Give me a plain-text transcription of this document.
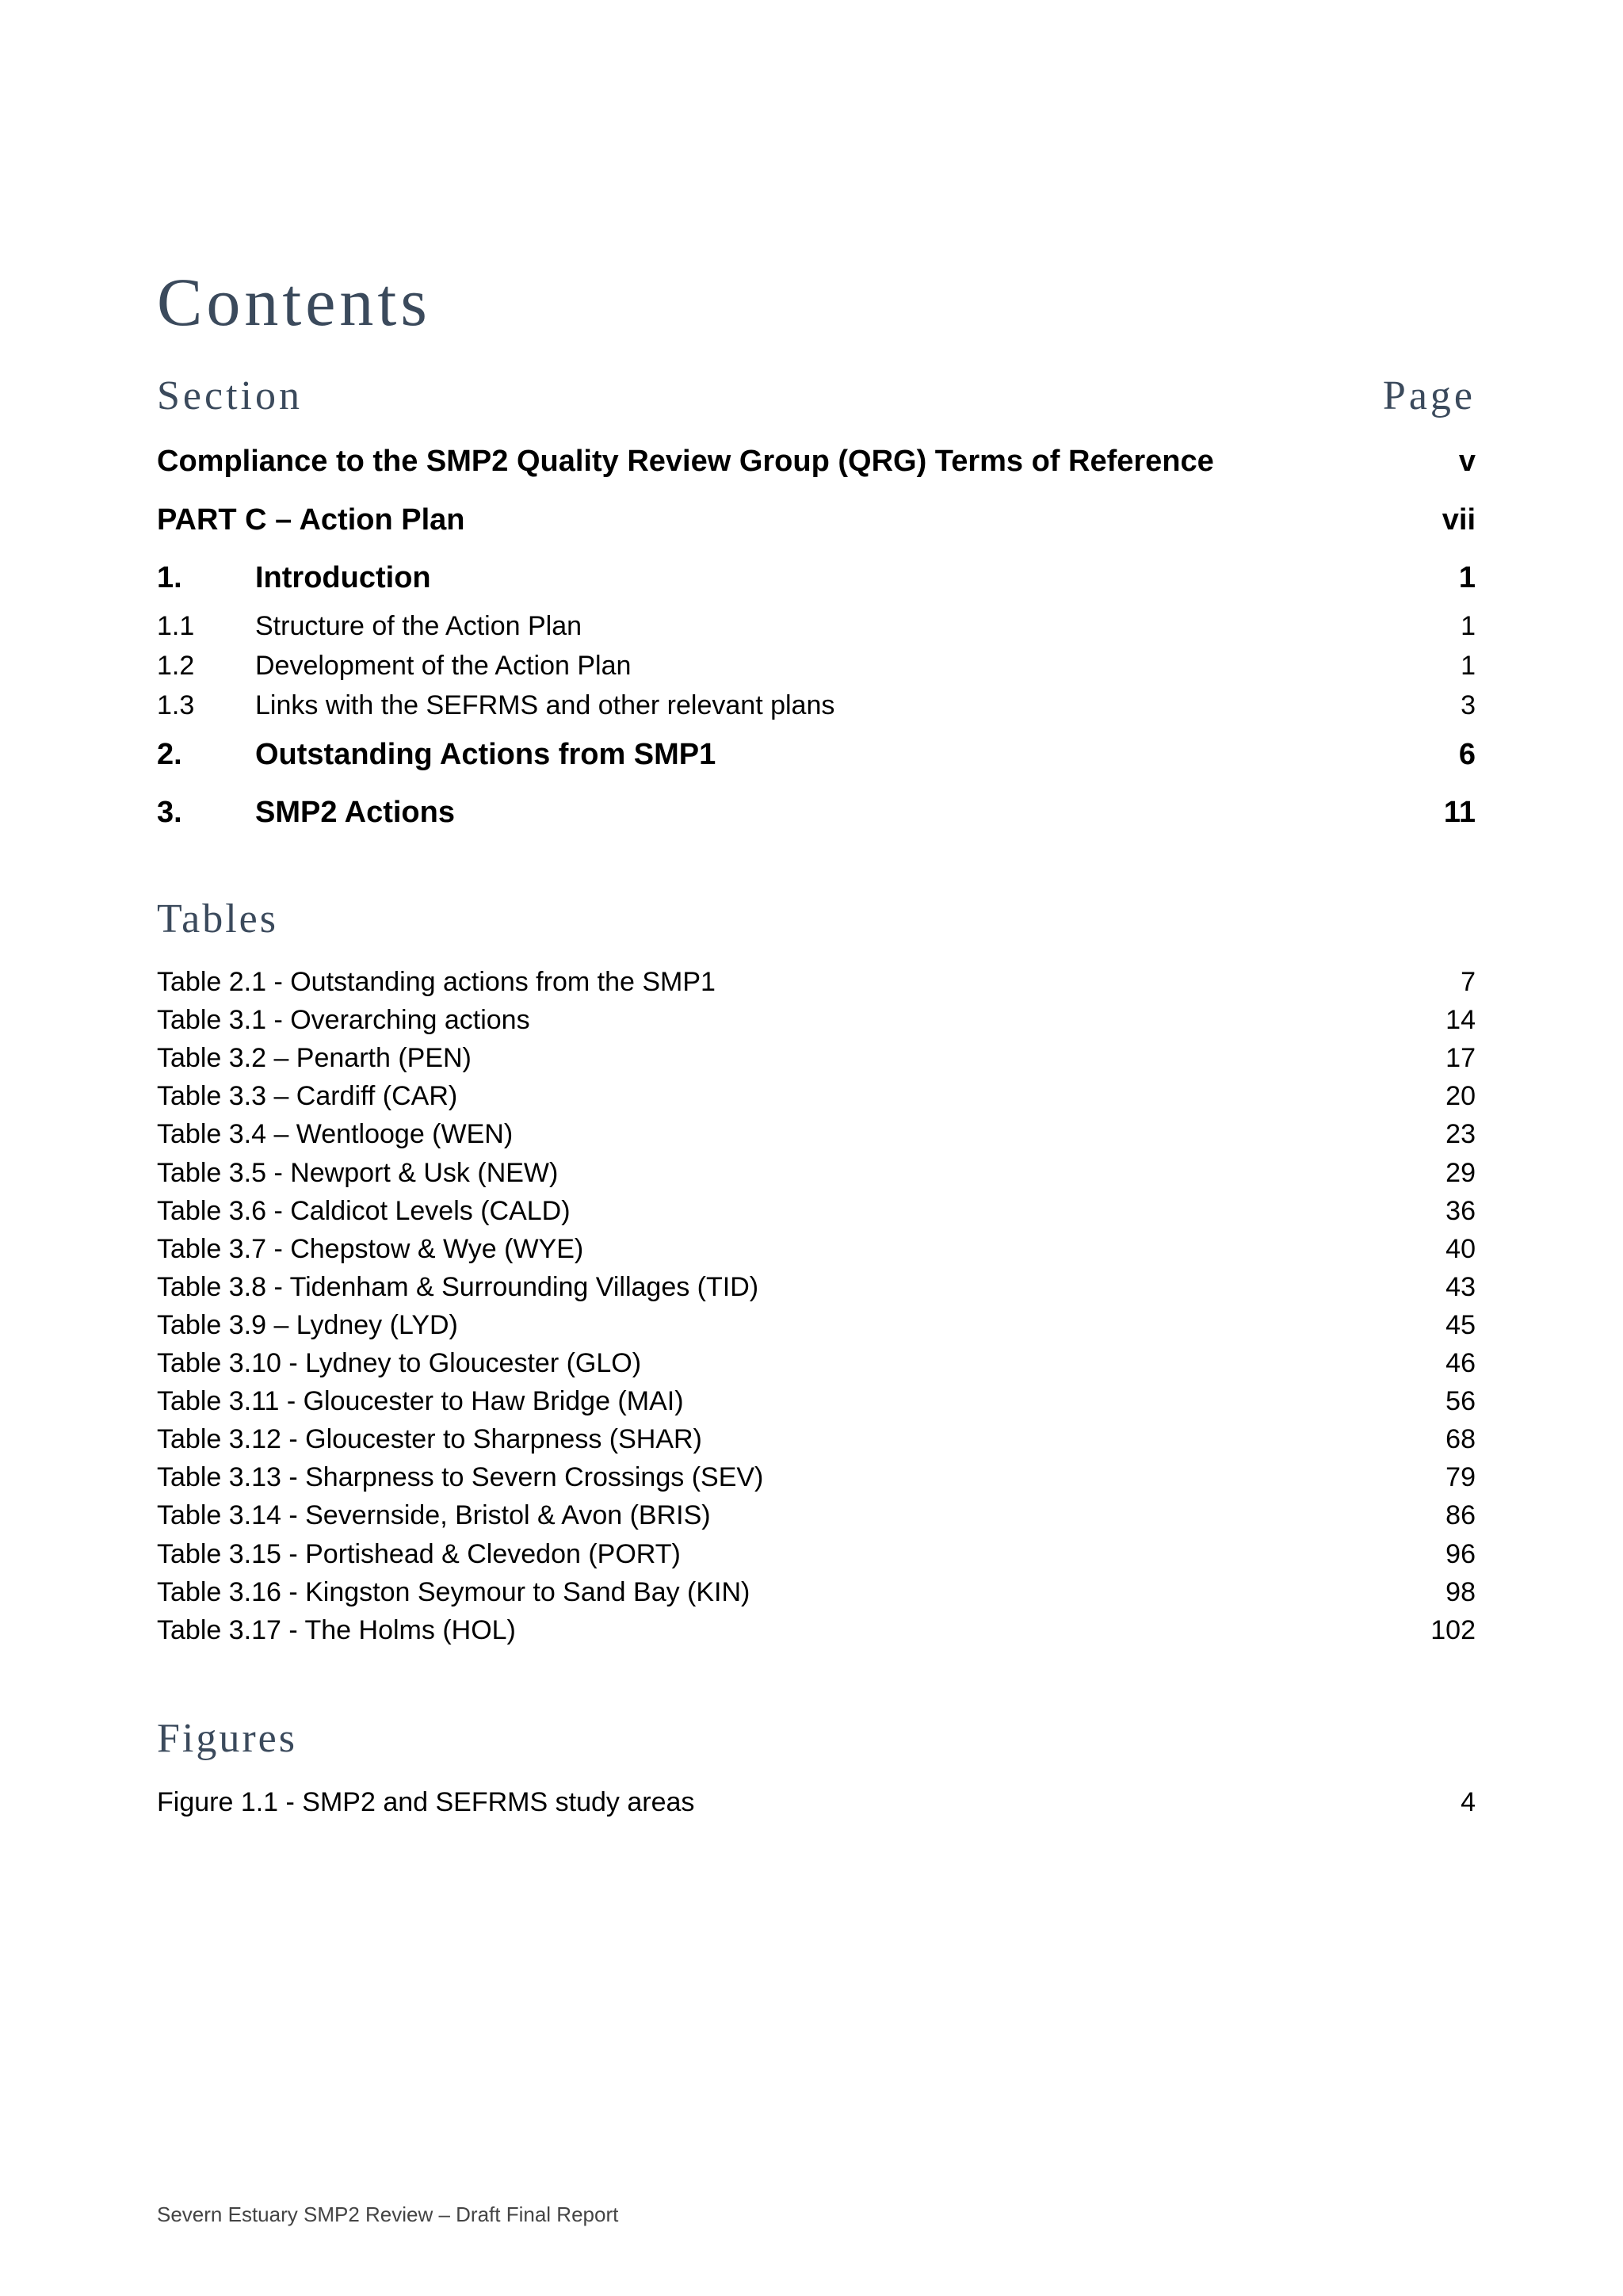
Contents
Section	Page
Compliance to the SMP2 Quality Review Group (QRG) Terms of Reference	v
PART C – Action Plan	vii
1. Introduction	1
1.1 Structure of the Action Plan	1
1.2 Development of the Action Plan	1
1.3 Links with the SEFRMS and other relevant plans	3
2. Outstanding Actions from SMP1	6
3. SMP2 Actions	11
Tables
Table 2.1 - Outstanding actions from the SMP1	7
Table 3.1 - Overarching actions	14
Table 3.2 – Penarth (PEN)	17
Table 3.3 – Cardiff (CAR)	20
Table 3.4 – Wentlooge (WEN)	23
Table 3.5 - Newport & Usk (NEW)	29
Table 3.6 - Caldicot Levels (CALD)	36
Table 3.7 - Chepstow & Wye (WYE)	40
Table 3.8 - Tidenham & Surrounding Villages (TID)	43
Table 3.9 – Lydney (LYD)	45
Table 3.10 - Lydney to Gloucester (GLO)	46
Table 3.11 - Gloucester to Haw Bridge (MAI)	56
Table 3.12 - Gloucester to Sharpness (SHAR)	68
Table 3.13 - Sharpness to Severn Crossings (SEV)	79
Table 3.14 - Severnside, Bristol & Avon (BRIS)	86
Table 3.15 - Portishead & Clevedon (PORT)	96
Table 3.16 - Kingston Seymour to Sand Bay (KIN)	98
Table 3.17 - The Holms (HOL)	102
Figures
Figure 1.1 - SMP2 and SEFRMS study areas	4
Severn Estuary SMP2 Review – Draft Final Report
